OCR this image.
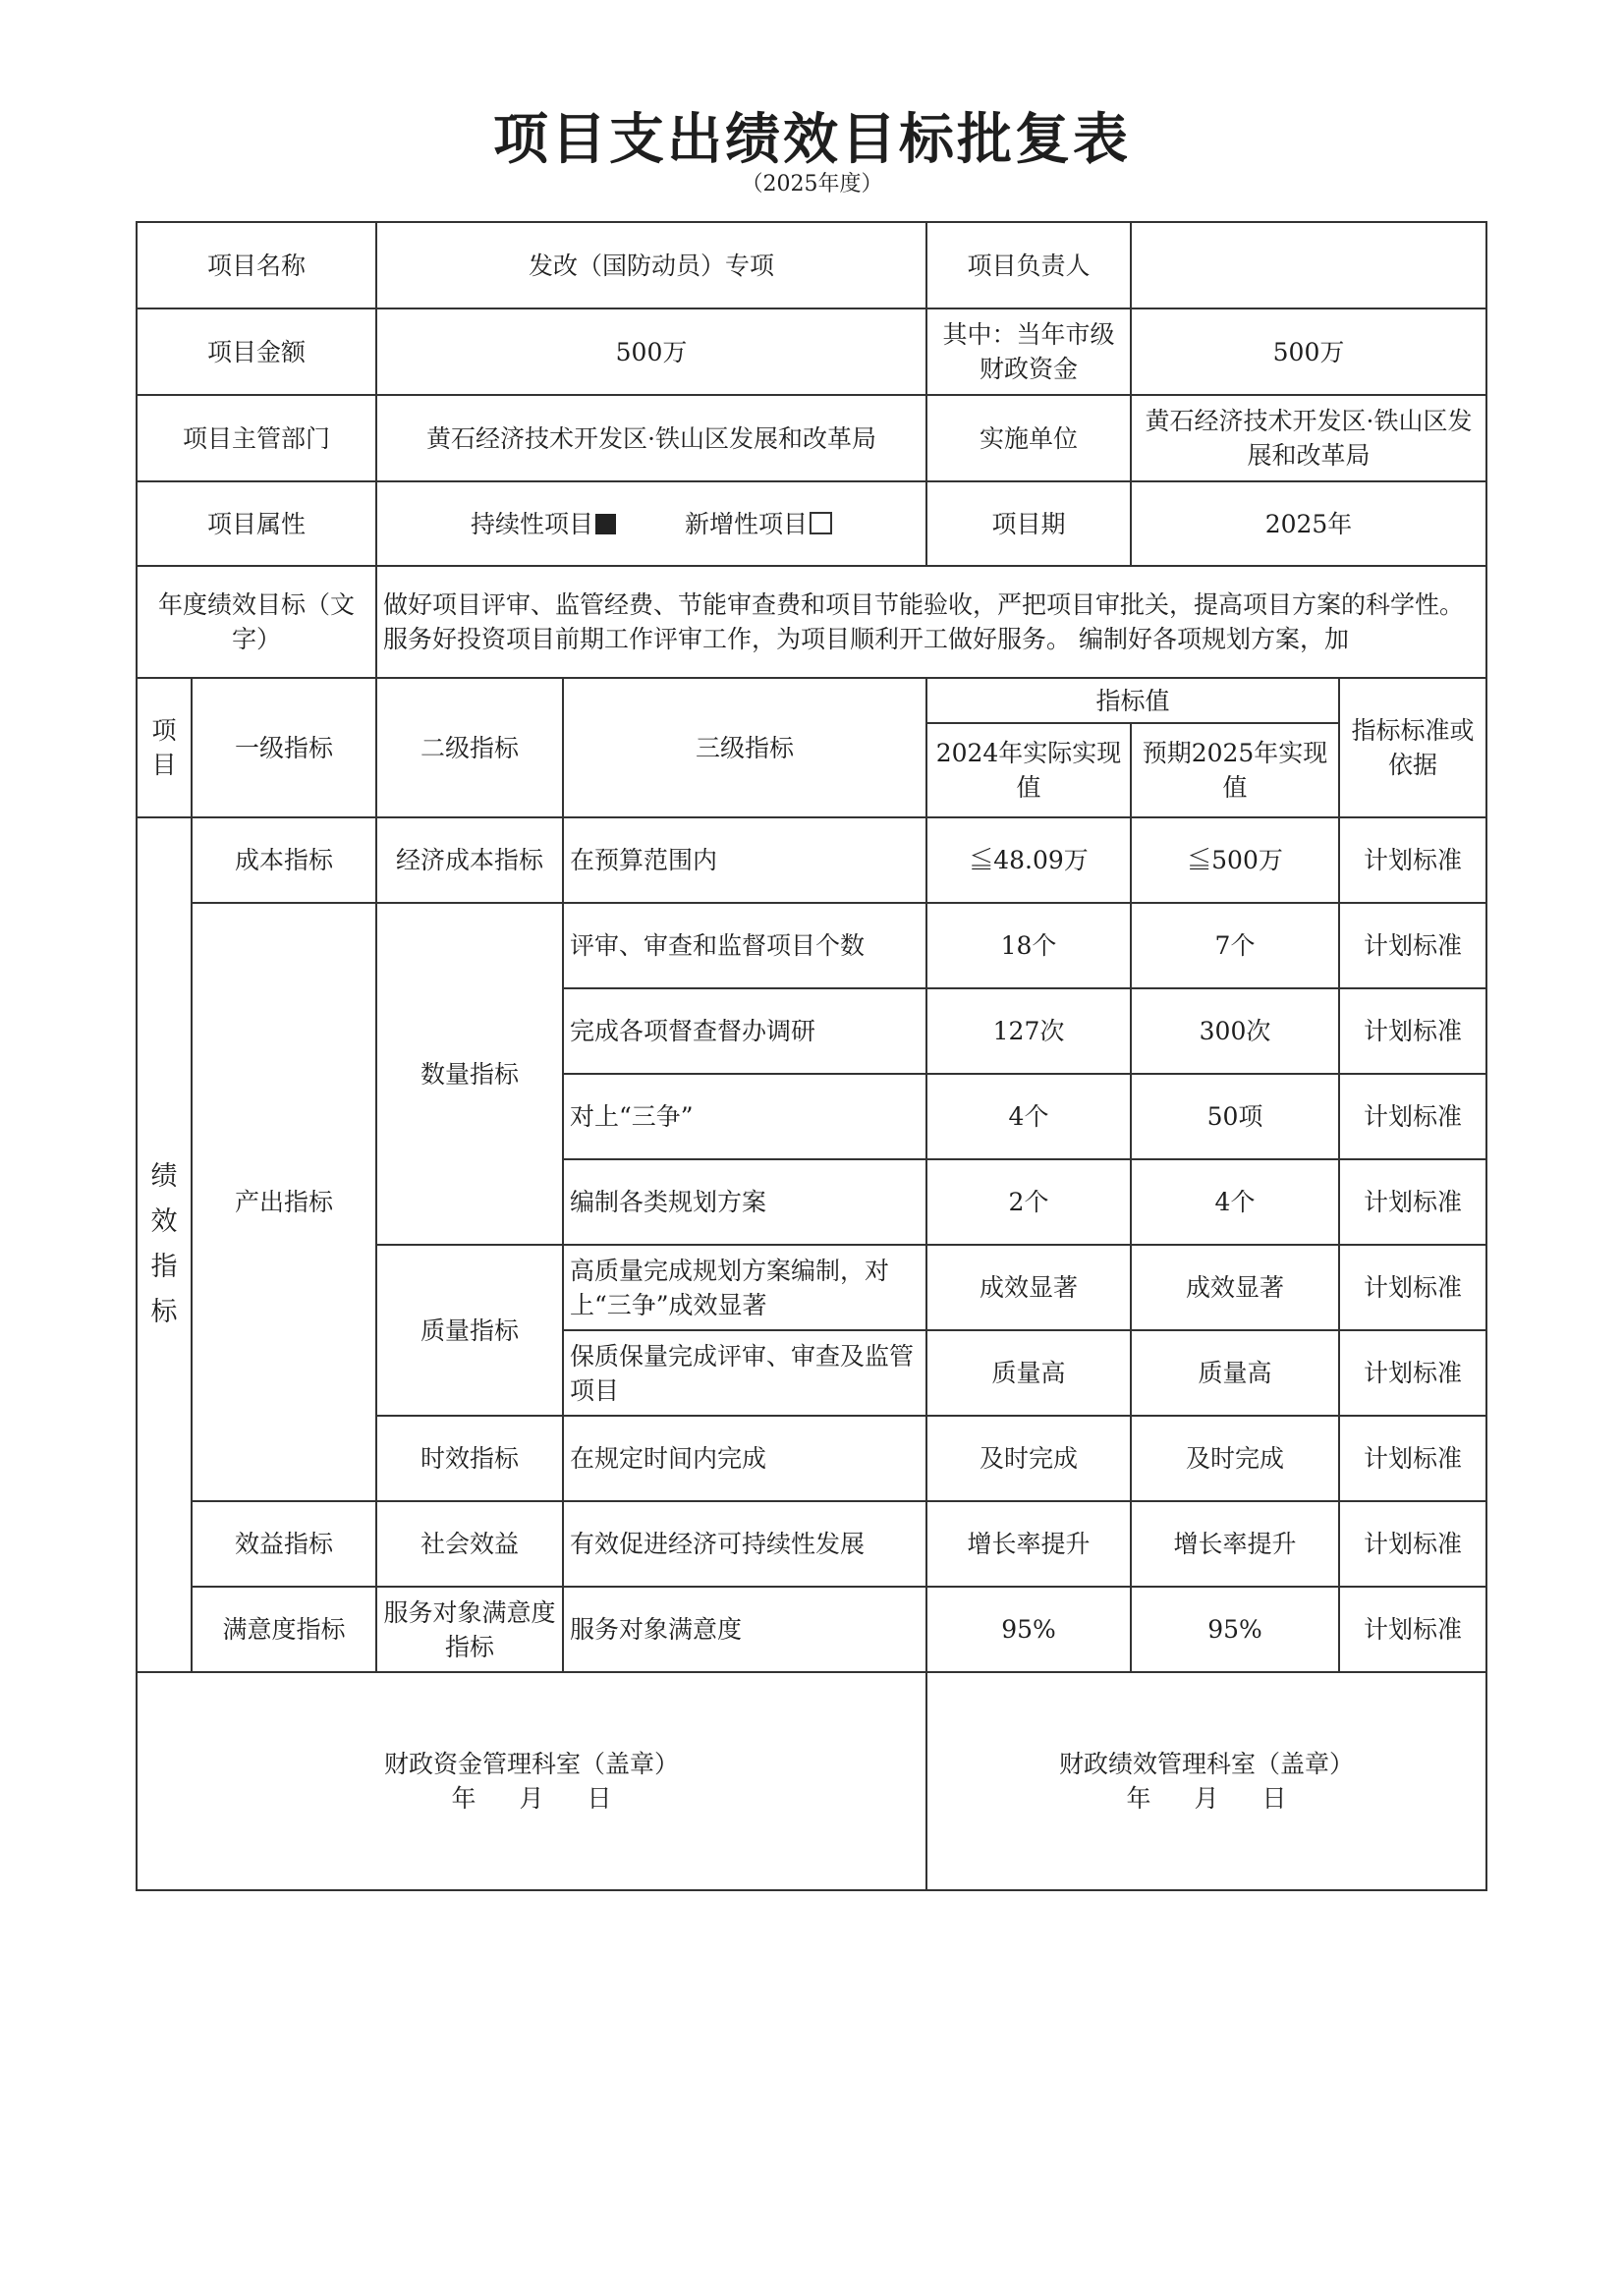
项目支出绩效目标批复表
（2025年度）
项目名称	发改（国防动员）专项	项目负责人	
项目金额	500万	其中：当年市级财政资金	500万
项目主管部门	黄石经济技术开发区·铁山区发展和改革局	实施单位	黄石经济技术开发区·铁山区发展和改革局
项目属性	持续性项目 新增性项目	项目期	2025年
年度绩效目标（文字）	做好项目评审、监管经费、节能审查费和项目节能验收，严把项目审批关，提高项目方案的科学性。服务好投资项目前期工作评审工作，为项目顺利开工做好服务。 编制好各项规划方案，加		
项目	一级指标	二级指标	三级指标	指标值		指标标准或依据
				2024年实际实现值	预期2025年实现值	
绩效指标	成本指标	经济成本指标	在预算范围内	≦48.09万	≦500万	计划标准
	产出指标	数量指标	评审、审查和监督项目个数	18个	7个	计划标准
			完成各项督查督办调研	127次	300次	计划标准
			对上“三争”	4个	50项	计划标准
			编制各类规划方案	2个	4个	计划标准
		质量指标	高质量完成规划方案编制，对上“三争”成效显著	成效显著	成效显著	计划标准
			保质保量完成评审、审查及监管项目	质量高	质量高	计划标准
		时效指标	在规定时间内完成	及时完成	及时完成	计划标准
	效益指标	社会效益	有效促进经济可持续性发展	增长率提升	增长率提升	计划标准
	满意度指标	服务对象满意度指标	服务对象满意度	95%	95%	计划标准
财政资金管理科室（盖章）
年 月 日

财政绩效管理科室（盖章）
年 月 日
